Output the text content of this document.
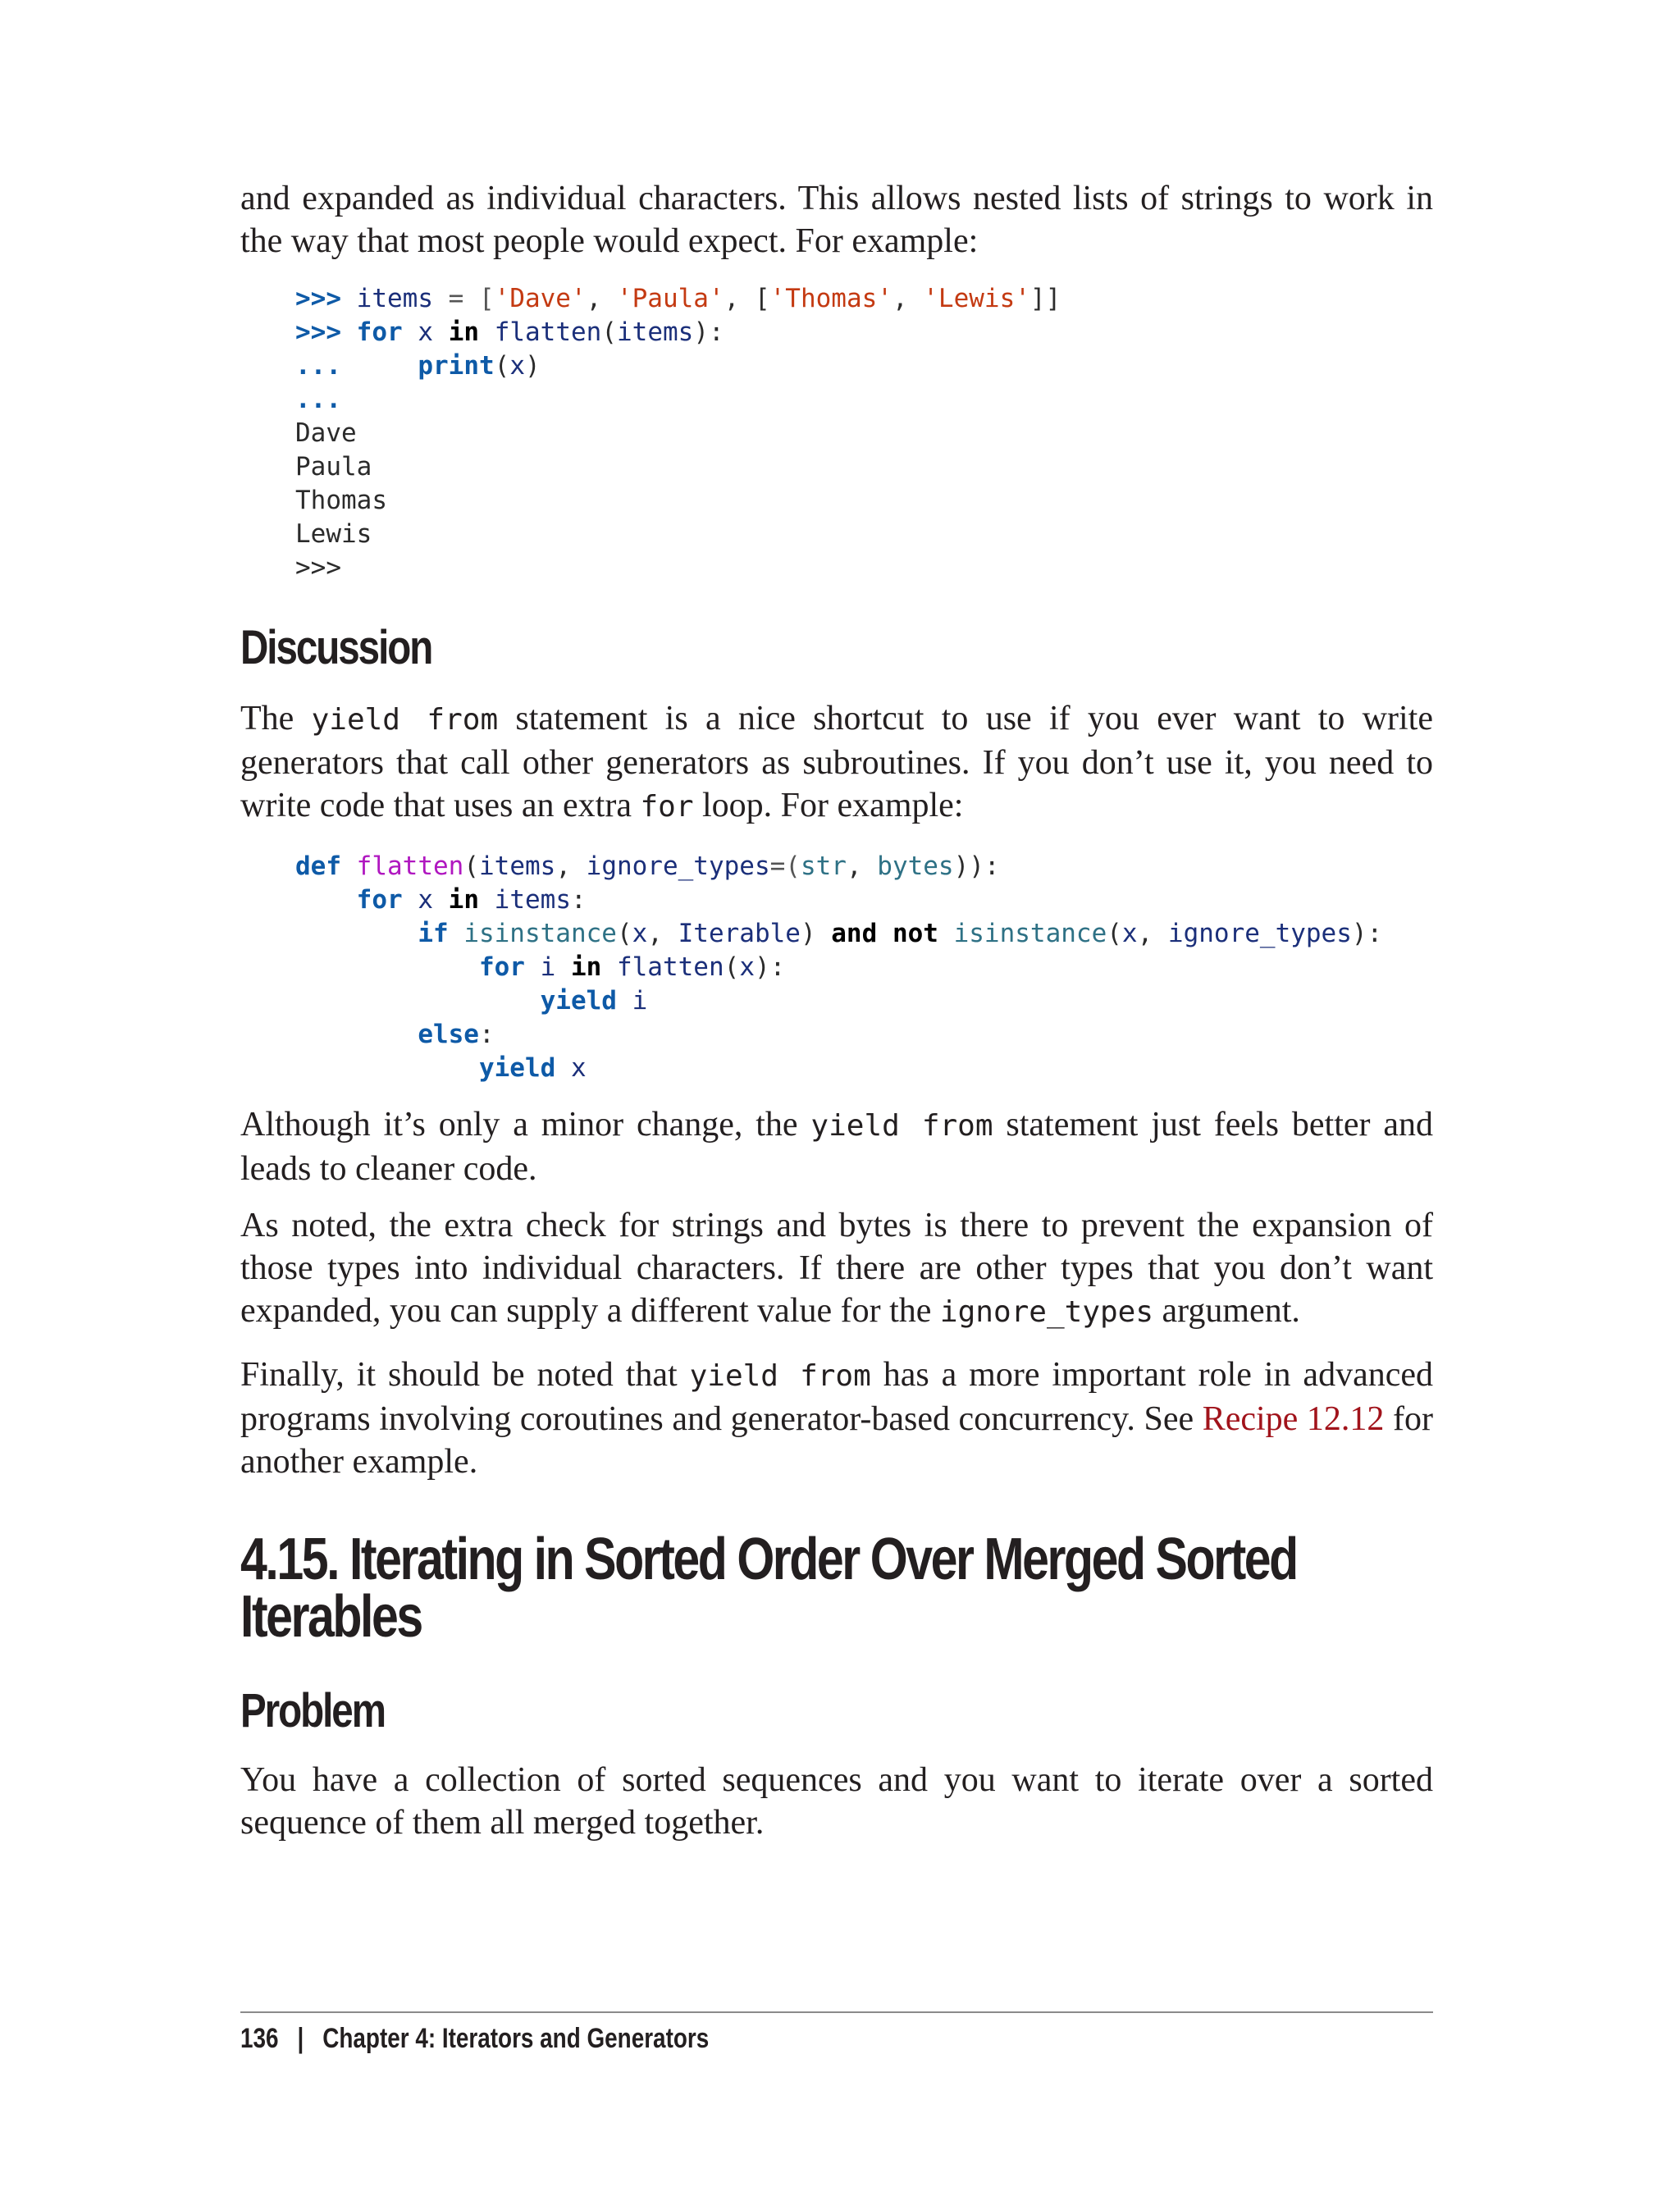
and expanded as individual characters. This allows nested lists of strings to work in the way that most people would expect. For example:

>>> items = ['Dave', 'Paula', ['Thomas', 'Lewis']]
>>> for x in flatten(items):
...	print(x)
...
Dave
Paula
Thomas
Lewis
>>>
Discussion

The yield from statement is a nice shortcut to use if you ever want to write generators that call other generators as subroutines. If you don’t use it, you need to write code that uses an extra for loop. For example:

def flatten(items, ignore_types=(str, bytes)):
for x in items:
if isinstance(x, Iterable) and not isinstance(x, ignore_types):
for i in flatten(x):
yield i
else:
yield x

Although it’s only a minor change, the yield from statement just feels better and leads to cleaner code.

As noted, the extra check for strings and bytes is there to prevent the expansion of those types into individual characters. If there are other types that you don’t want expanded, you can supply a different value for the ignore_types argument.

Finally, it should be noted that yield from has a more important role in advanced programs involving coroutines and generator-based concurrency. See Recipe 12.12 for another example.

4.15. Iterating in Sorted Order Over Merged Sorted Iterables
Problem

You have a collection of sorted sequences and you want to iterate over a sorted sequence of them all merged together.

136 | Chapter 4: Iterators and Generators
